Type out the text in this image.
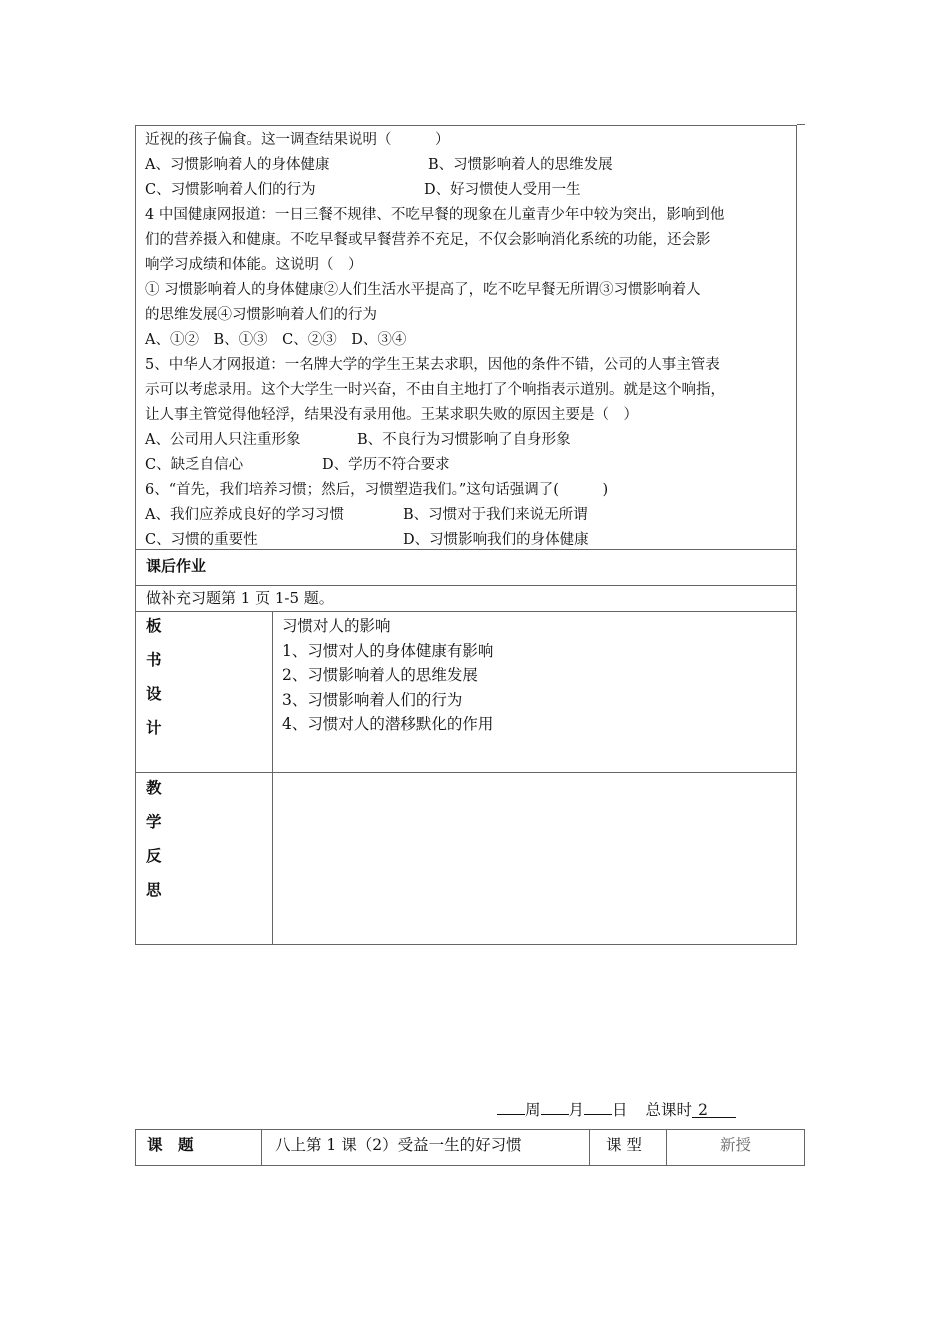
近视的孩子偏食。这一调查结果说明（　　　）
A、习惯影响着人的身体健康	B、习惯影响着人的思维发展
C、习惯影响着人们的行为	D、好习惯使人受用一生
4 中国健康网报道：一日三餐不规律、不吃早餐的现象在儿童青少年中较为突出，影响到他
们的营养摄入和健康。不吃早餐或早餐营养不充足，不仅会影响消化系统的功能，还会影
响学习成绩和体能。这说明（　）
① 习惯影响着人的身体健康②人们生活水平提高了，吃不吃早餐无所谓③习惯影响着人
的思维发展④习惯影响着人们的行为
A、①②　B、①③　C、②③　D、③④
5、中华人才网报道：一名牌大学的学生王某去求职，因他的条件不错，公司的人事主管表
示可以考虑录用。这个大学生一时兴奋，不由自主地打了个响指表示道别。就是这个响指，
让人事主管觉得他轻浮，结果没有录用他。王某求职失败的原因主要是（　）
A、公司用人只注重形象	B、不良行为习惯影响了自身形象
C、缺乏自信心	D、学历不符合要求
6、“首先，我们培养习惯；然后，习惯塑造我们。”这句话强调了(　　　)
A、我们应养成良好的学习习惯	B、习惯对于我们来说无所谓
C、习惯的重要性	D、习惯影响我们的身体健康
课后作业
做补充习题第 1 页 1-5 题。
板
书
设
计
习惯对人的影响
1、习惯对人的身体健康有影响
2、习惯影响着人的思维发展
3、习惯影响着人们的行为
4、习惯对人的潜移默化的作用
教
学
反
思
周 月 日 总课时 2
课　题	八上第 1 课（2）受益一生的好习惯	课 型	新授
